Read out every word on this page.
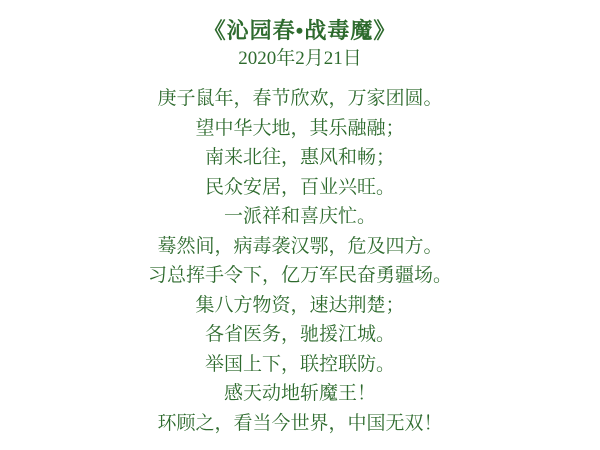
《沁园春•战毒魔》
2020年2月21日
庚子鼠年，春节欣欢，万家团圆。
望中华大地，其乐融融；
南来北往，惠风和畅；
民众安居，百业兴旺。
一派祥和喜庆忙。
蓦然间，病毒袭汉鄂，危及四方。
习总挥手令下，亿万军民奋勇疆场。
集八方物资，速达荆楚；
各省医务，驰援江城。
举国上下，联控联防。
感天动地斩魔王！
环顾之，看当今世界，中国无双！
